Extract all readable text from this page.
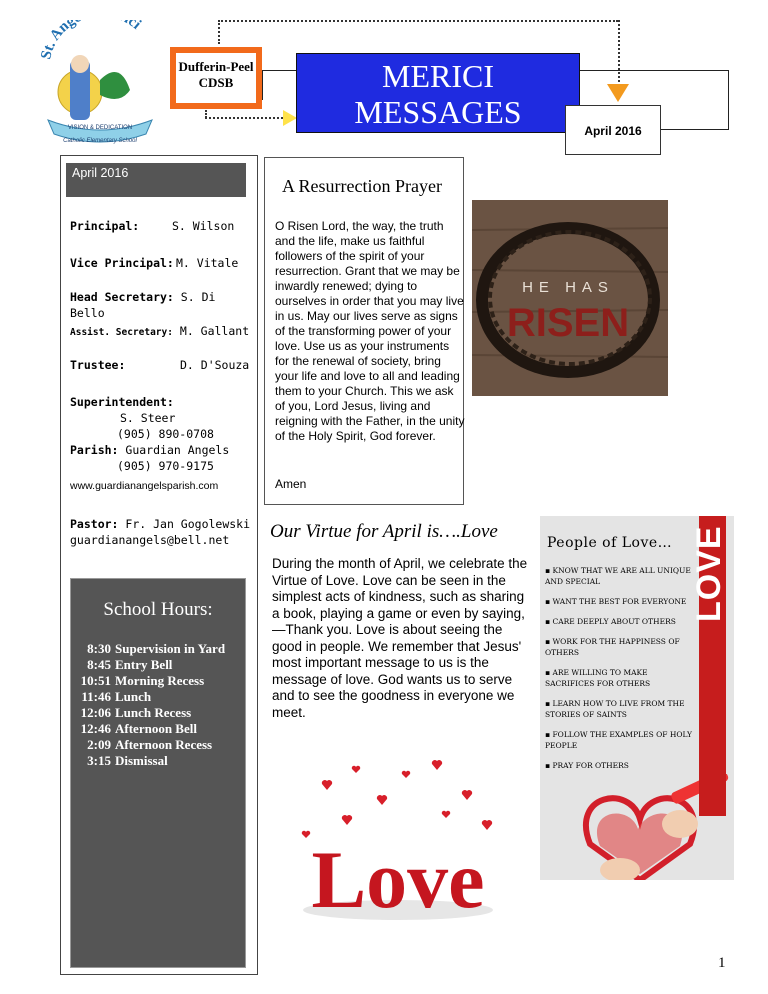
t. Ang ci
VISION & DEDICATION
Catholic Elementary School
Dufferin-Peel
CDSB	MERICI
MESSAGES
April 2016
April 2016
Principal:	S. Wilson
Vice Principal: M. Vitale
Head Secretary: S. Di Bello
Assist. Secretary: M. Gallant
Trustee:	D. D'Souza
Superintendent:
S. Steer
(905) 890-0708
Parish: Guardian Angels
(905) 970-9175
www.guardianangelsparish.com
Pastor: Fr. Jan Gogolewski
guardianangels@bell.net
School Hours:
8:30	Supervision in Yard
8:45	Entry Bell
10:51	Morning Recess
11:46	Lunch
12:06	Lunch Recess
12:46	Afternoon Bell
2:09	Afternoon Recess
3:15	Dismissal
A Resurrection Prayer
O Risen Lord, the way, the truth and the life, make us faithful followers of the spirit of your resurrection. Grant that we may be inwardly renewed; dying to ourselves in order that you may live in us. May our lives serve as signs of the transforming power of your love. Use us as your instruments for the renewal of society, bring your life and love to all and leading them to your Church. This we ask of you, Lord Jesus, living and reigning with the Father, in the unity of the Holy Spirit, God forever.
Amen
HE HAS
RISEN
Our Virtue for April is….Love
During the month of April, we celebrate the Virtue of Love. Love can be seen in the simplest acts of kindness, such as sharing a book, playing a game or even by saying, —Thank you. Love is about seeing the good in people. We remember that Jesus' most important message to us is the message of love. God wants us to serve and to see the goodness in everyone we meet.
Love
LOVE
People of Love…
▪ KNOW THAT WE ARE ALL UNIQUE AND SPECIAL
▪ WANT THE BEST FOR EVERYONE
▪ CARE DEEPLY ABOUT OTHERS
▪ WORK FOR THE HAPPINESS OF OTHERS
▪ ARE WILLING TO MAKE SACRIFICES FOR OTHERS
▪ LEARN HOW TO LIVE FROM THE STORIES OF SAINTS
▪ FOLLOW THE EXAMPLES OF HOLY PEOPLE
▪ PRAY FOR OTHERS
1
